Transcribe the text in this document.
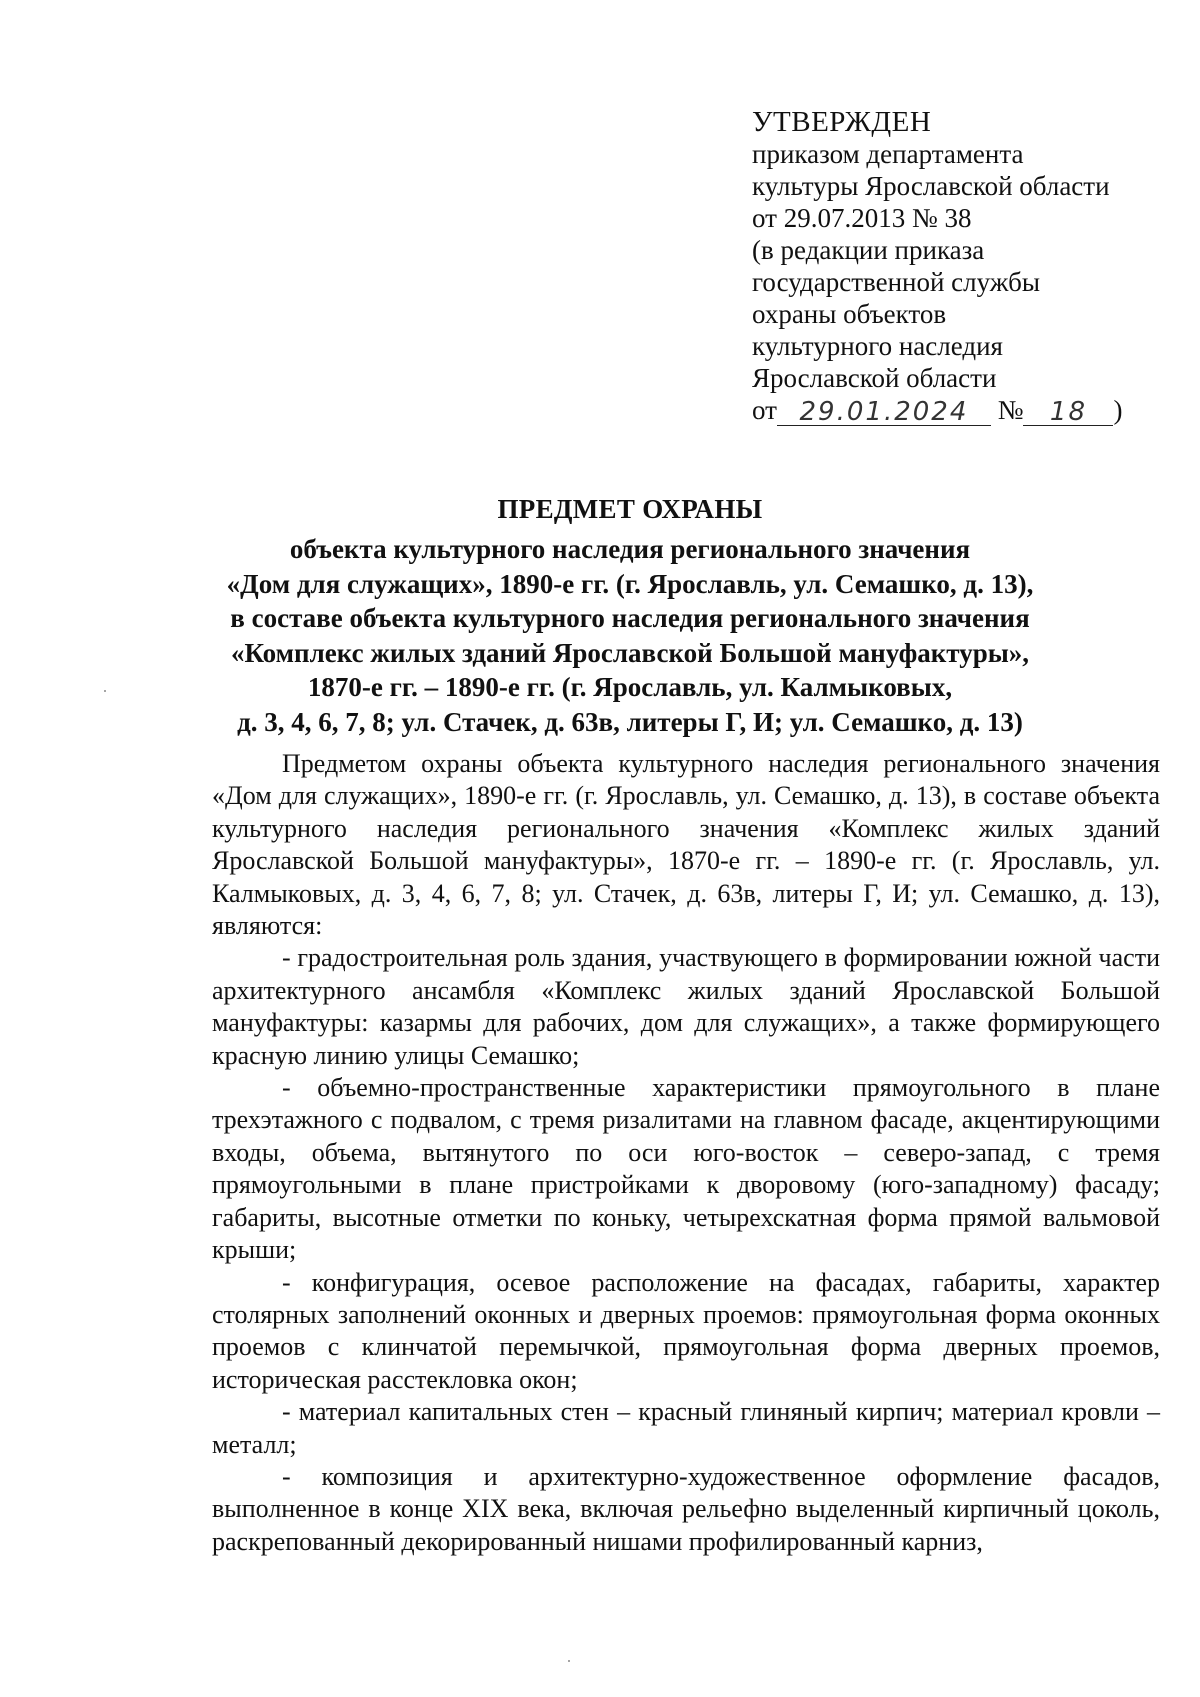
УТВЕРЖДЕН
приказом департамента
культуры Ярославской области
от 29.07.2013 № 38
(в редакции приказа
государственной службы
охраны объектов
культурного наследия
Ярославской области
от 29.01.2024 № 18 )
ПРЕДМЕТ ОХРАНЫ
объекта культурного наследия регионального значения
«Дом для служащих», 1890-е гг. (г. Ярославль, ул. Семашко, д. 13),
в составе объекта культурного наследия регионального значения
«Комплекс жилых зданий Ярославской Большой мануфактуры»,
1870-е гг. – 1890-е гг. (г. Ярославль, ул. Калмыковых,
д. 3, 4, 6, 7, 8; ул. Стачек, д. 63в, литеры Г, И; ул. Семашко, д. 13)

Предметом охраны объекта культурного наследия регионального значения «Дом для служащих», 1890-е гг. (г. Ярославль, ул. Семашко, д. 13), в составе объекта культурного наследия регионального значения «Комплекс жилых зданий Ярославской Большой мануфактуры», 1870-е гг. – 1890-е гг. (г. Ярославль, ул. Калмыковых, д. 3, 4, 6, 7, 8; ул. Стачек, д. 63в, литеры Г, И; ул. Семашко, д. 13), являются:

- градостроительная роль здания, участвующего в формировании южной части архитектурного ансамбля «Комплекс жилых зданий Ярославской Большой мануфактуры: казармы для рабочих, дом для служащих», а также формирующего красную линию улицы Семашко;

- объемно-пространственные характеристики прямоугольного в плане трехэтажного с подвалом, с тремя ризалитами на главном фасаде, акцентирующими входы, объема, вытянутого по оси юго-восток – северо-запад, с тремя прямоугольными в плане пристройками к дворовому (юго-западному) фасаду; габариты, высотные отметки по коньку, четырехскатная форма прямой вальмовой крыши;

- конфигурация, осевое расположение на фасадах, габариты, характер столярных заполнений оконных и дверных проемов: прямоугольная форма оконных проемов с клинчатой перемычкой, прямоугольная форма дверных проемов, историческая расстекловка окон;

- материал капитальных стен – красный глиняный кирпич; материал кровли – металл;

- композиция и архитектурно-художественное оформление фасадов, выполненное в конце XIX века, включая рельефно выделенный кирпичный цоколь, раскрепованный декорированный нишами профилированный карниз,
